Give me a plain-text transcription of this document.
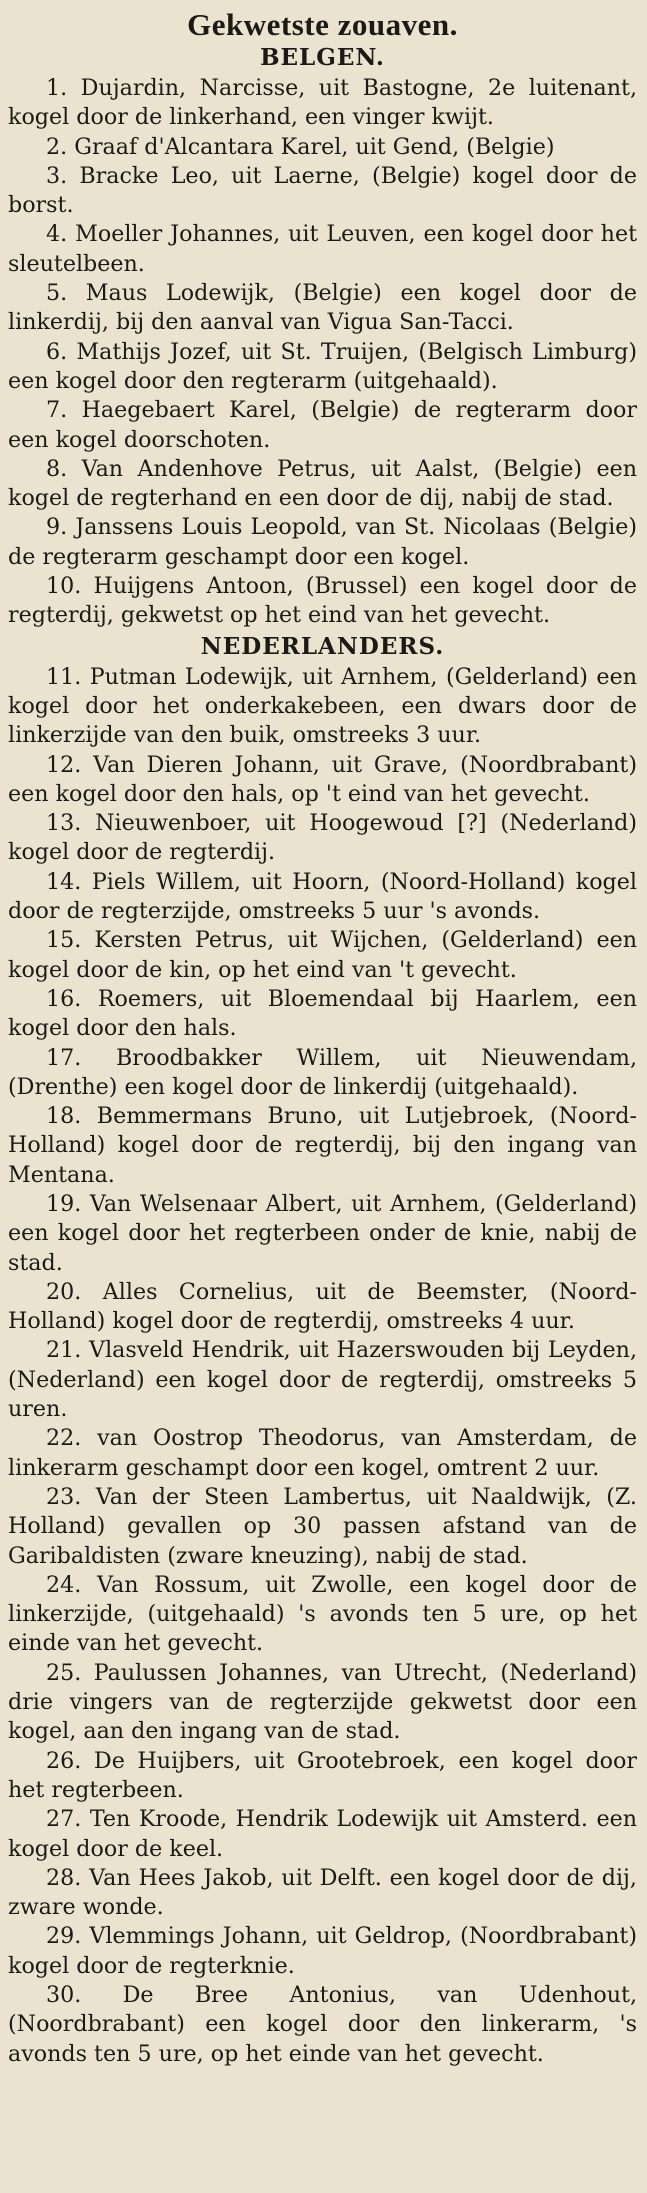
Gekwetste zouaven.
BELGEN.

1. Dujardin, Narcisse, uit Bastogne, 2e luitenant, kogel door de linkerhand, een vinger kwijt.

2. Graaf d'Alcantara Karel, uit Gend, (Belgie)

3. Bracke Leo, uit Laerne, (Belgie) kogel door de borst.

4. Moeller Johannes, uit Leuven, een kogel door het sleutelbeen.

5. Maus Lodewijk, (Belgie) een kogel door de linkerdij, bij den aanval van Vigua San-Tacci.

6. Mathijs Jozef, uit St. Truijen, (Belgisch Limburg) een kogel door den regterarm (uitgehaald).

7. Haegebaert Karel, (Belgie) de regterarm door een kogel doorschoten.

8. Van Andenhove Petrus, uit Aalst, (Belgie) een kogel de regterhand en een door de dij, nabij de stad.

9. Janssens Louis Leopold, van St. Nicolaas (Belgie) de regterarm geschampt door een kogel.

10. Huijgens Antoon, (Brussel) een kogel door de regterdij, gekwetst op het eind van het gevecht.

NEDERLANDERS.

11. Putman Lodewijk, uit Arnhem, (Gelderland) een kogel door het onderkakebeen, een dwars door de linkerzijde van den buik, omstreeks 3 uur.

12. Van Dieren Johann, uit Grave, (Noordbrabant) een kogel door den hals, op 't eind van het gevecht.

13. Nieuwenboer, uit Hoogewoud [?] (Nederland) kogel door de regterdij.

14. Piels Willem, uit Hoorn, (Noord-Holland) kogel door de regterzijde, omstreeks 5 uur 's avonds.

15. Kersten Petrus, uit Wijchen, (Gelderland) een kogel door de kin, op het eind van 't gevecht.

16. Roemers, uit Bloemendaal bij Haarlem, een kogel door den hals.

17. Broodbakker Willem, uit Nieuwendam, (Drenthe) een kogel door de linkerdij (uitgehaald).

18. Bemmermans Bruno, uit Lutjebroek, (Noord-Holland) kogel door de regterdij, bij den ingang van Mentana.

19. Van Welsenaar Albert, uit Arnhem, (Gelderland) een kogel door het regterbeen onder de knie, nabij de stad.

20. Alles Cornelius, uit de Beemster, (Noord-Holland) kogel door de regterdij, omstreeks 4 uur.

21. Vlasveld Hendrik, uit Hazerswouden bij Leyden, (Nederland) een kogel door de regterdij, omstreeks 5 uren.

22. van Oostrop Theodorus, van Amsterdam, de linkerarm geschampt door een kogel, omtrent 2 uur.

23. Van der Steen Lambertus, uit Naaldwijk, (Z. Holland) gevallen op 30 passen afstand van de Garibaldisten (zware kneuzing), nabij de stad.

24. Van Rossum, uit Zwolle, een kogel door de linkerzijde, (uitgehaald) 's avonds ten 5 ure, op het einde van het gevecht.

25. Paulussen Johannes, van Utrecht, (Nederland) drie vingers van de regterzijde gekwetst door een kogel, aan den ingang van de stad.

26. De Huijbers, uit Grootebroek, een kogel door het regterbeen.

27. Ten Kroode, Hendrik Lodewijk uit Amsterd. een kogel door de keel.

28. Van Hees Jakob, uit Delft. een kogel door de dij, zware wonde.

29. Vlemmings Johann, uit Geldrop, (Noordbrabant) kogel door de regterknie.

30. De Bree Antonius, van Udenhout, (Noordbrabant) een kogel door den linkerarm, 's avonds ten 5 ure, op het einde van het gevecht.
